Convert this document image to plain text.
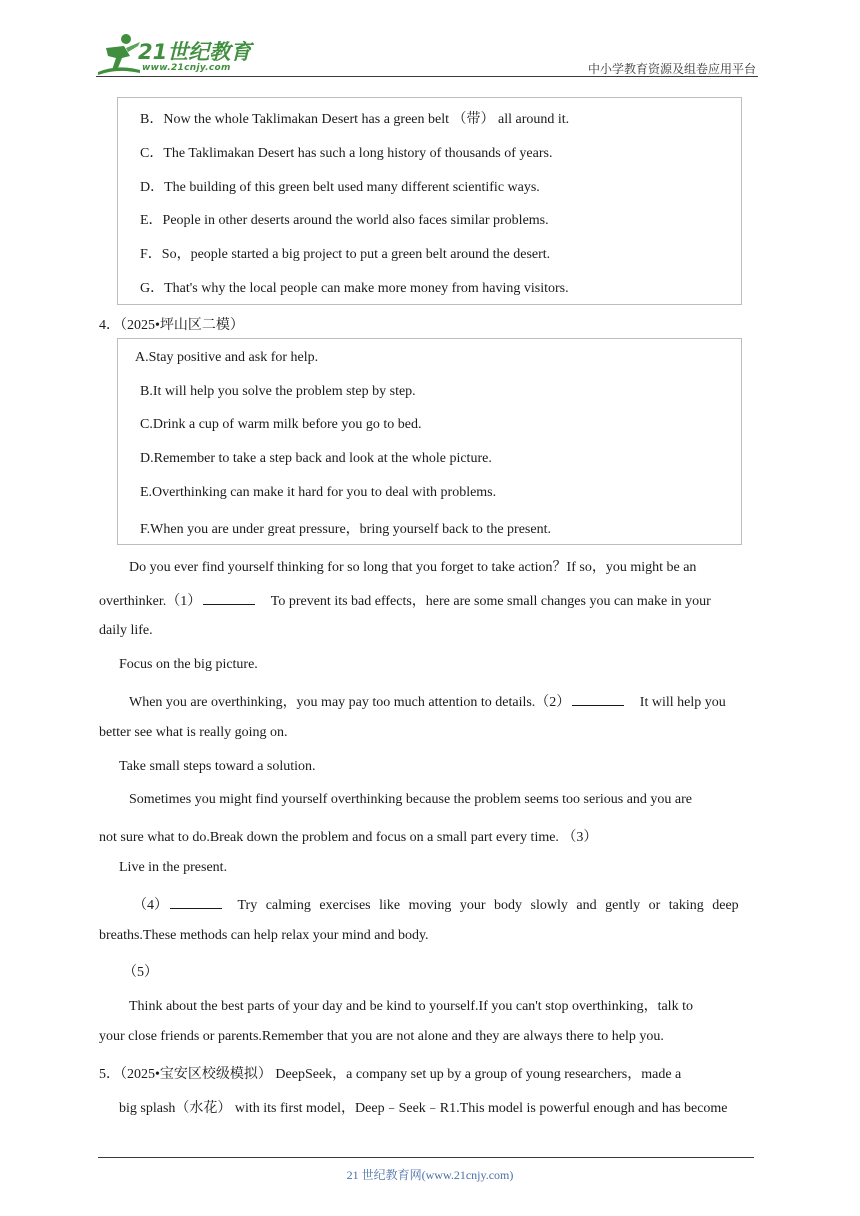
21世纪教育
www.21cnjy.com	中小学教育资源及组卷应用平台
B．Now the whole Taklimakan Desert has a green belt （带） all around it.
C．The Taklimakan Desert has such a long history of thousands of years.
D．The building of this green belt used many different scientific ways.
E．People in other deserts around the world also faces similar problems.
F．So，people started a big project to put a green belt around the desert.
G．That's why the local people can make more money from having visitors.
4．（2025•坪山区二模）
A.Stay positive and ask for help.
B.It will help you solve the problem step by step.
C.Drink a cup of warm milk before you go to bed.
D.Remember to take a step back and look at the whole picture.
E.Overthinking can make it hard for you to deal with problems.
F.When you are under great pressure，bring yourself back to the present.
Do you ever find yourself thinking for so long that you forget to take action？If so，you might be an
overthinker.（1）	To prevent its bad effects，here are some small changes you can make in your
daily life.
Focus on the big picture.
When you are overthinking，you may pay too much attention to details.（2）	It will help you
better see what is really going on.
Take small steps toward a solution.
Sometimes you might find yourself overthinking because the problem seems too serious and you are
not sure what to do.Break down the problem and focus on a small part every time. （3）
Live in the present.
（4）	Try calming exercises like moving your body slowly and gently or taking deep
breaths.These methods can help relax your mind and body.
（5）
Think about the best parts of your day and be kind to yourself.If you can't stop overthinking，talk to
your close friends or parents.Remember that you are not alone and they are always there to help you.
5．（2025•宝安区校级模拟） DeepSeek，a company set up by a group of young researchers，made a
big splash（水花） with its first model，Deep﹣Seek﹣R1.This model is powerful enough and has become
21 世纪教育网(www.21cnjy.com)
